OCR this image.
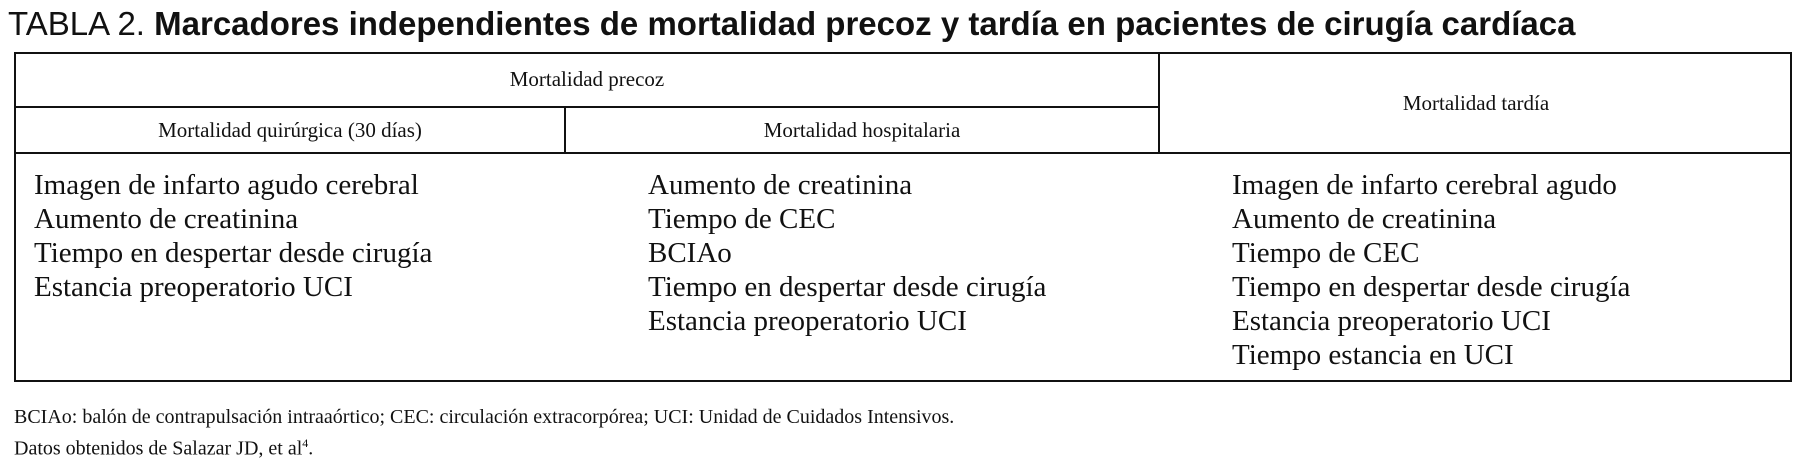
TABLA 2. Marcadores independientes de mortalidad precoz y tardía en pacientes de cirugía cardíaca
Mortalidad precoz
Mortalidad quirúrgica (30 días)	Mortalidad hospitalaria
Mortalidad tardía
Imagen de infarto agudo cerebral
Aumento de creatinina
Tiempo en despertar desde cirugía
Estancia preoperatorio UCI
Aumento de creatinina
Tiempo de CEC
BCIAo
Tiempo en despertar desde cirugía
Estancia preoperatorio UCI
Imagen de infarto cerebral agudo
Aumento de creatinina
Tiempo de CEC
Tiempo en despertar desde cirugía
Estancia preoperatorio UCI
Tiempo estancia en UCI
BCIAo: balón de contrapulsación intraaórtico; CEC: circulación extracorpórea; UCI: Unidad de Cuidados Intensivos.
Datos obtenidos de Salazar JD, et $al^4$.
